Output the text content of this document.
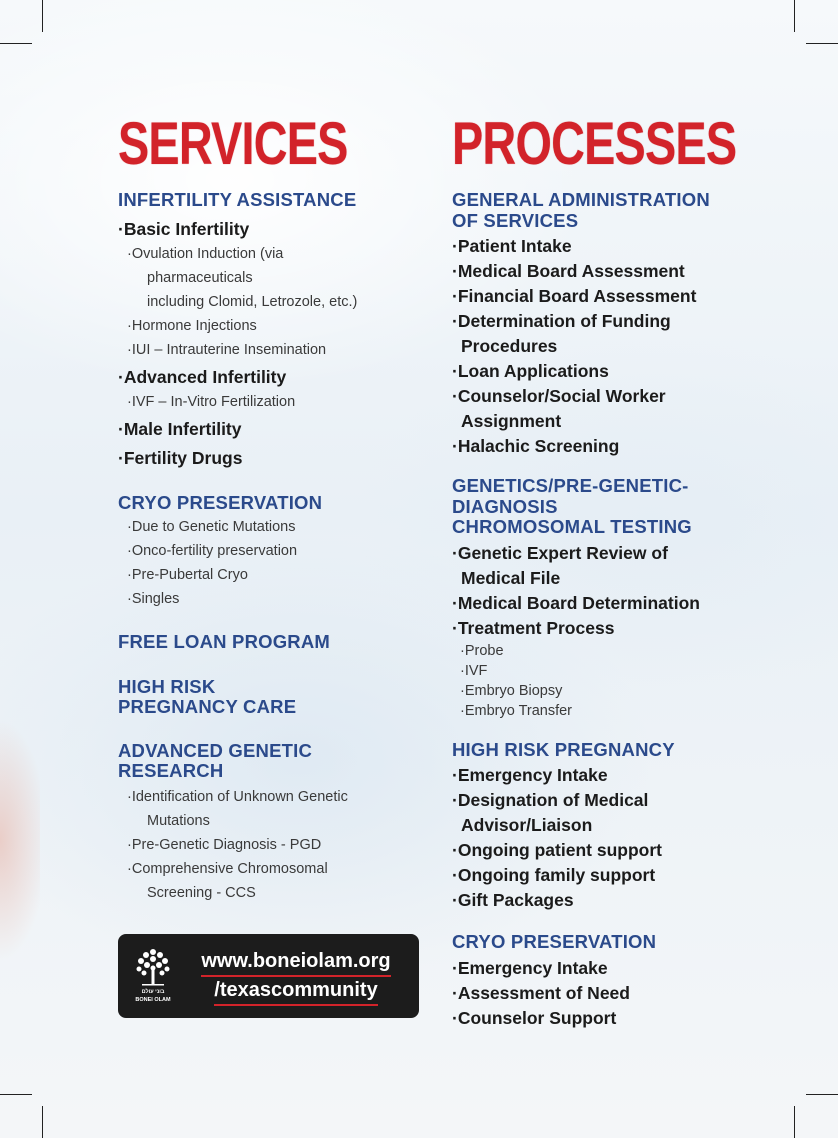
SERVICES
INFERTILITY ASSISTANCE
· Basic Infertility
· Ovulation Induction (via
pharmaceuticals
including Clomid, Letrozole, etc.)
· Hormone Injections
· IUI – Intrauterine Insemination
· Advanced Infertility
· IVF – In-Vitro Fertilization
· Male Infertility
· Fertility Drugs
CRYO PRESERVATION
· Due to Genetic Mutations
· Onco-fertility preservation
· Pre-Pubertal Cryo
· Singles
FREE LOAN PROGRAM
HIGH RISK
PREGNANCY CARE
ADVANCED GENETIC
RESEARCH
· Identification of Unknown Genetic
Mutations
· Pre-Genetic Diagnosis - PGD
· Comprehensive Chromosomal
Screening - CCS
PROCESSES
GENERAL ADMINISTRATION
OF SERVICES
· Patient Intake
· Medical Board Assessment
· Financial Board Assessment
· Determination of Funding
Procedures
· Loan Applications
· Counselor/Social Worker
Assignment
· Halachic Screening
GENETICS/PRE-GENETIC-
DIAGNOSIS
CHROMOSOMAL TESTING
· Genetic Expert Review of
Medical File
· Medical Board Determination
· Treatment Process
· Probe
· IVF
· Embryo Biopsy
· Embryo Transfer
HIGH RISK PREGNANCY
· Emergency Intake
· Designation of Medical
Advisor/Liaison
· Ongoing patient support
· Ongoing family support
· Gift Packages
CRYO PRESERVATION
· Emergency Intake
· Assessment of Need
· Counselor Support
בוני עולם
BONEI OLAM
www.boneiolam.org
/texascommunity
